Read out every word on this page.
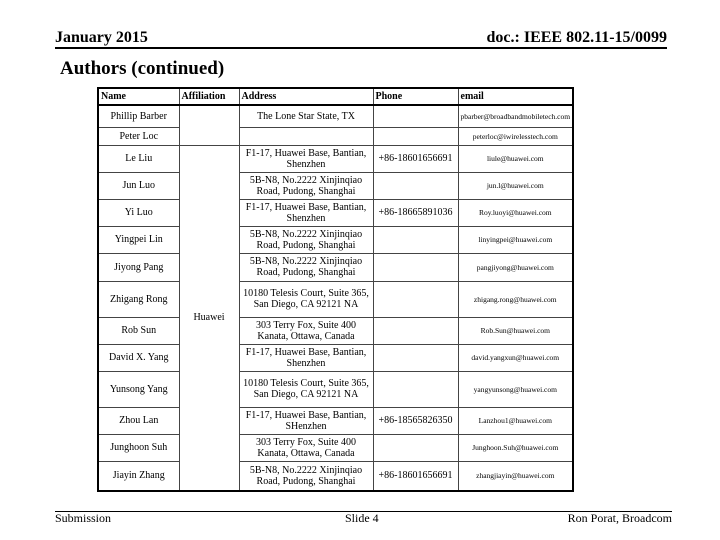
January 2015	doc.: IEEE 802.11-15/0099
Authors (continued)
Name	Affiliation	Address	Phone	email
Phillip Barber		The Lone Star State, TX		pbarber@broadbandmobiletech.com
Peter Loc				peterloc@iwirelesstech.com
Le Liu	Huawei	F1-17, Huawei Base, Bantian, Shenzhen	+86-18601656691	liule@huawei.com
Jun Luo		5B-N8, No.2222 Xinjinqiao Road, Pudong, Shanghai		jun.l@huawei.com
Yi Luo		F1-17, Huawei Base, Bantian, Shenzhen	+86-18665891036	Roy.luoyi@huawei.com
Yingpei Lin		5B-N8, No.2222 Xinjinqiao Road, Pudong, Shanghai		linyingpei@huawei.com
Jiyong Pang		5B-N8, No.2222 Xinjinqiao Road, Pudong, Shanghai		pangjiyong@huawei.com
Zhigang Rong		10180 Telesis Court, Suite 365, San Diego, CA 92121 NA		zhigang.rong@huawei.com
Rob Sun		303 Terry Fox, Suite 400 Kanata, Ottawa, Canada		Rob.Sun@huawei.com
David X. Yang		F1-17, Huawei Base, Bantian, Shenzhen		david.yangxun@huawei.com
Yunsong Yang		10180 Telesis Court, Suite 365, San Diego, CA 92121 NA		yangyunsong@huawei.com
Zhou Lan		F1-17, Huawei Base, Bantian, SHenzhen	+86-18565826350	Lanzhou1@huawei.com
Junghoon Suh		303 Terry Fox, Suite 400 Kanata, Ottawa, Canada		Junghoon.Suh@huawei.com
Jiayin Zhang		5B-N8, No.2222 Xinjinqiao Road, Pudong, Shanghai	+86-18601656691	zhangjiayin@huawei.com
Submission	Slide 4	Ron Porat, Broadcom
